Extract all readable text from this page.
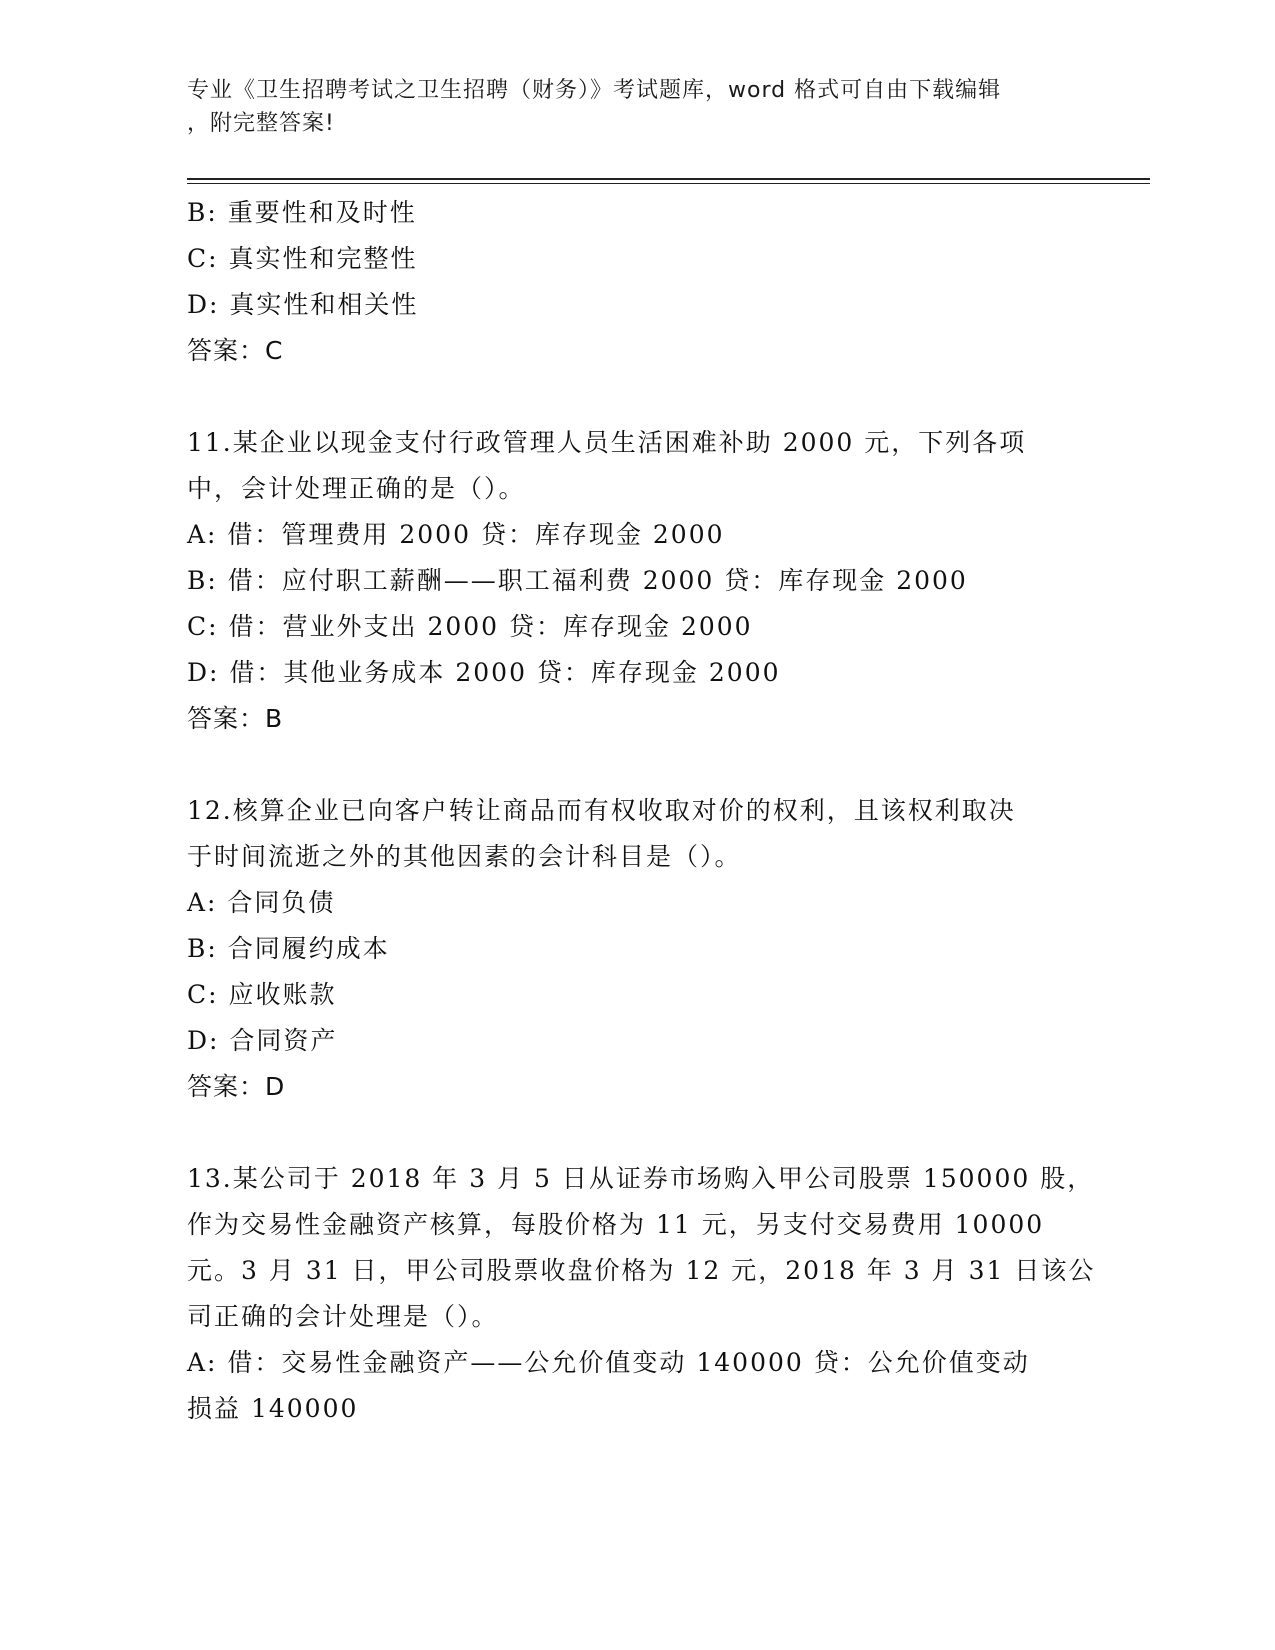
专业《卫生招聘考试之卫生招聘（财务）》考试题库，word 格式可自由下载编辑
，附完整答案!
B: 重要性和及时性
C: 真实性和完整性
D: 真实性和相关性
答案：C
11.某企业以现金支付行政管理人员生活困难补助 2000 元，下列各项
中，会计处理正确的是（）。
A: 借：管理费用 2000 贷：库存现金 2000
B: 借：应付职工薪酬——职工福利费 2000 贷：库存现金 2000
C: 借：营业外支出 2000 贷：库存现金 2000
D: 借：其他业务成本 2000 贷：库存现金 2000
答案：B
12.核算企业已向客户转让商品而有权收取对价的权利，且该权利取决
于时间流逝之外的其他因素的会计科目是（）。
A: 合同负债
B: 合同履约成本
C: 应收账款
D: 合同资产
答案：D
13.某公司于 2018 年 3 月 5 日从证券市场购入甲公司股票 150000 股，
作为交易性金融资产核算，每股价格为 11 元，另支付交易费用 10000
元。3 月 31 日，甲公司股票收盘价格为 12 元，2018 年 3 月 31 日该公
司正确的会计处理是（）。
A: 借：交易性金融资产——公允价值变动 140000 贷：公允价值变动
损益 140000
